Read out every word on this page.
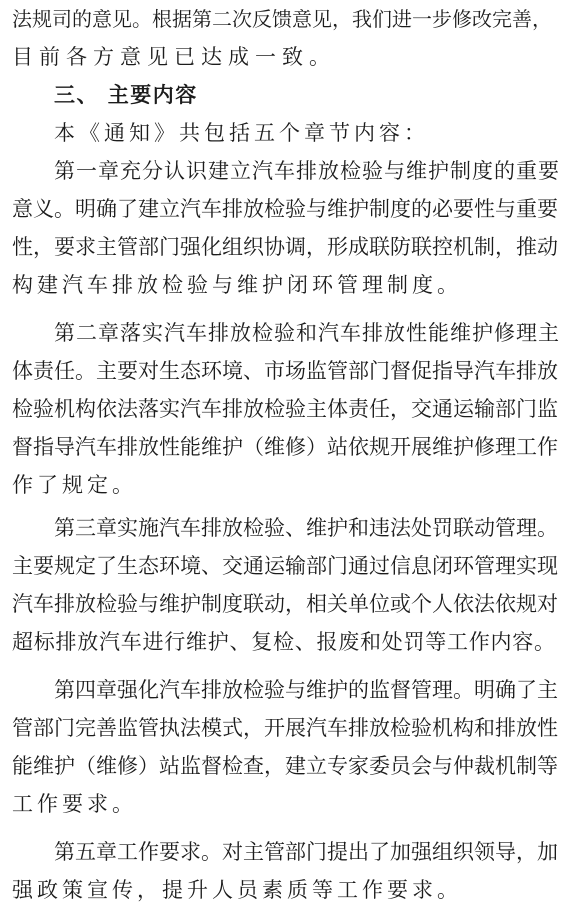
法规司的意见。根据第二次反馈意见，我们进一步修改完善，
目前各方意见已达成一致。
三、 主要内容
本《通知》共包括五个章节内容：
第一章充分认识建立汽车排放检验与维护制度的重要
意义。明确了建立汽车排放检验与维护制度的必要性与重要
性，要求主管部门强化组织协调，形成联防联控机制，推动
构建汽车排放检验与维护闭环管理制度。
第二章落实汽车排放检验和汽车排放性能维护修理主
体责任。主要对生态环境、市场监管部门督促指导汽车排放
检验机构依法落实汽车排放检验主体责任，交通运输部门监
督指导汽车排放性能维护（维修）站依规开展维护修理工作
作了规定。
第三章实施汽车排放检验、维护和违法处罚联动管理。
主要规定了生态环境、交通运输部门通过信息闭环管理实现
汽车排放检验与维护制度联动，相关单位或个人依法依规对
超标排放汽车进行维护、复检、报废和处罚等工作内容。
第四章强化汽车排放检验与维护的监督管理。明确了主
管部门完善监管执法模式，开展汽车排放检验机构和排放性
能维护（维修）站监督检查，建立专家委员会与仲裁机制等
工作要求。
第五章工作要求。对主管部门提出了加强组织领导，加
强政策宣传，提升人员素质等工作要求。
